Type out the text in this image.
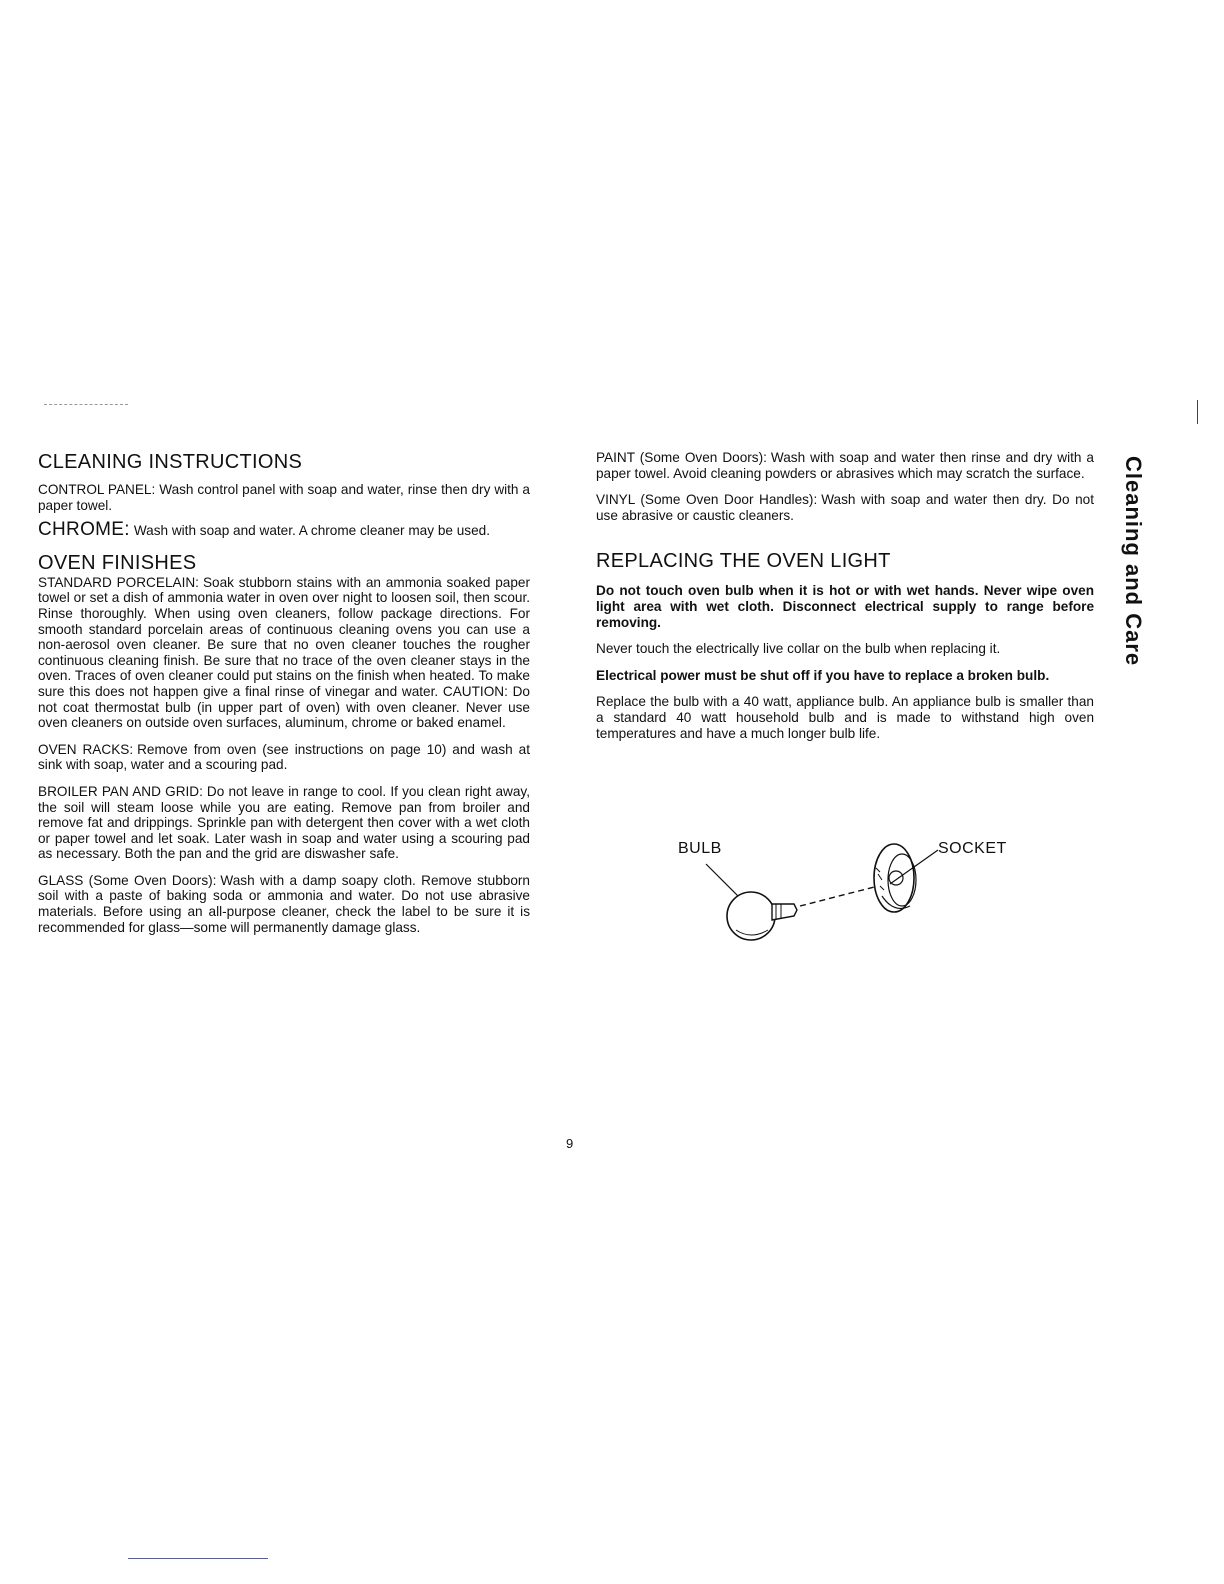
CLEANING INSTRUCTIONS

CONTROL PANEL: Wash control panel with soap and water, rinse then dry with a paper towel.

CHROME: Wash with soap and water. A chrome cleaner may be used.

OVEN FINISHES

STANDARD PORCELAIN: Soak stubborn stains with an ammonia soaked paper towel or set a dish of ammonia water in oven over night to loosen soil, then scour. Rinse thoroughly. When using oven cleaners, follow package directions. For smooth standard porcelain areas of continuous cleaning ovens you can use a non-aerosol oven cleaner. Be sure that no oven cleaner touches the rougher continuous cleaning finish. Be sure that no trace of the oven cleaner stays in the oven. Traces of oven cleaner could put stains on the finish when heated. To make sure this does not happen give a final rinse of vinegar and water. CAUTION: Do not coat thermostat bulb (in upper part of oven) with oven cleaner. Never use oven cleaners on outside oven surfaces, aluminum, chrome or baked enamel.

OVEN RACKS: Remove from oven (see instructions on page 10) and wash at sink with soap, water and a scouring pad.

BROILER PAN AND GRID: Do not leave in range to cool. If you clean right away, the soil will steam loose while you are eating. Remove pan from broiler and remove fat and drippings. Sprinkle pan with detergent then cover with a wet cloth or paper towel and let soak. Later wash in soap and water using a scouring pad as necessary. Both the pan and the grid are diswasher safe.

GLASS (Some Oven Doors): Wash with a damp soapy cloth. Remove stubborn soil with a paste of baking soda or ammonia and water. Do not use abrasive materials. Before using an all-purpose cleaner, check the label to be sure it is recommended for glass—some will permanently damage glass.

PAINT (Some Oven Doors): Wash with soap and water then rinse and dry with a paper towel. Avoid cleaning powders or abrasives which may scratch the surface.

VINYL (Some Oven Door Handles): Wash with soap and water then dry. Do not use abrasive or caustic cleaners.

REPLACING THE OVEN LIGHT

Do not touch oven bulb when it is hot or with wet hands. Never wipe oven light area with wet cloth. Disconnect electrical supply to range before removing.

Never touch the electrically live collar on the bulb when replacing it.

Electrical power must be shut off if you have to replace a broken bulb.

Replace the bulb with a 40 watt, appliance bulb. An appliance bulb is smaller than a standard 40 watt household bulb and is made to withstand high oven temperatures and have a much longer bulb life.

BULB	SOCKET
Cleaning and Care
9
